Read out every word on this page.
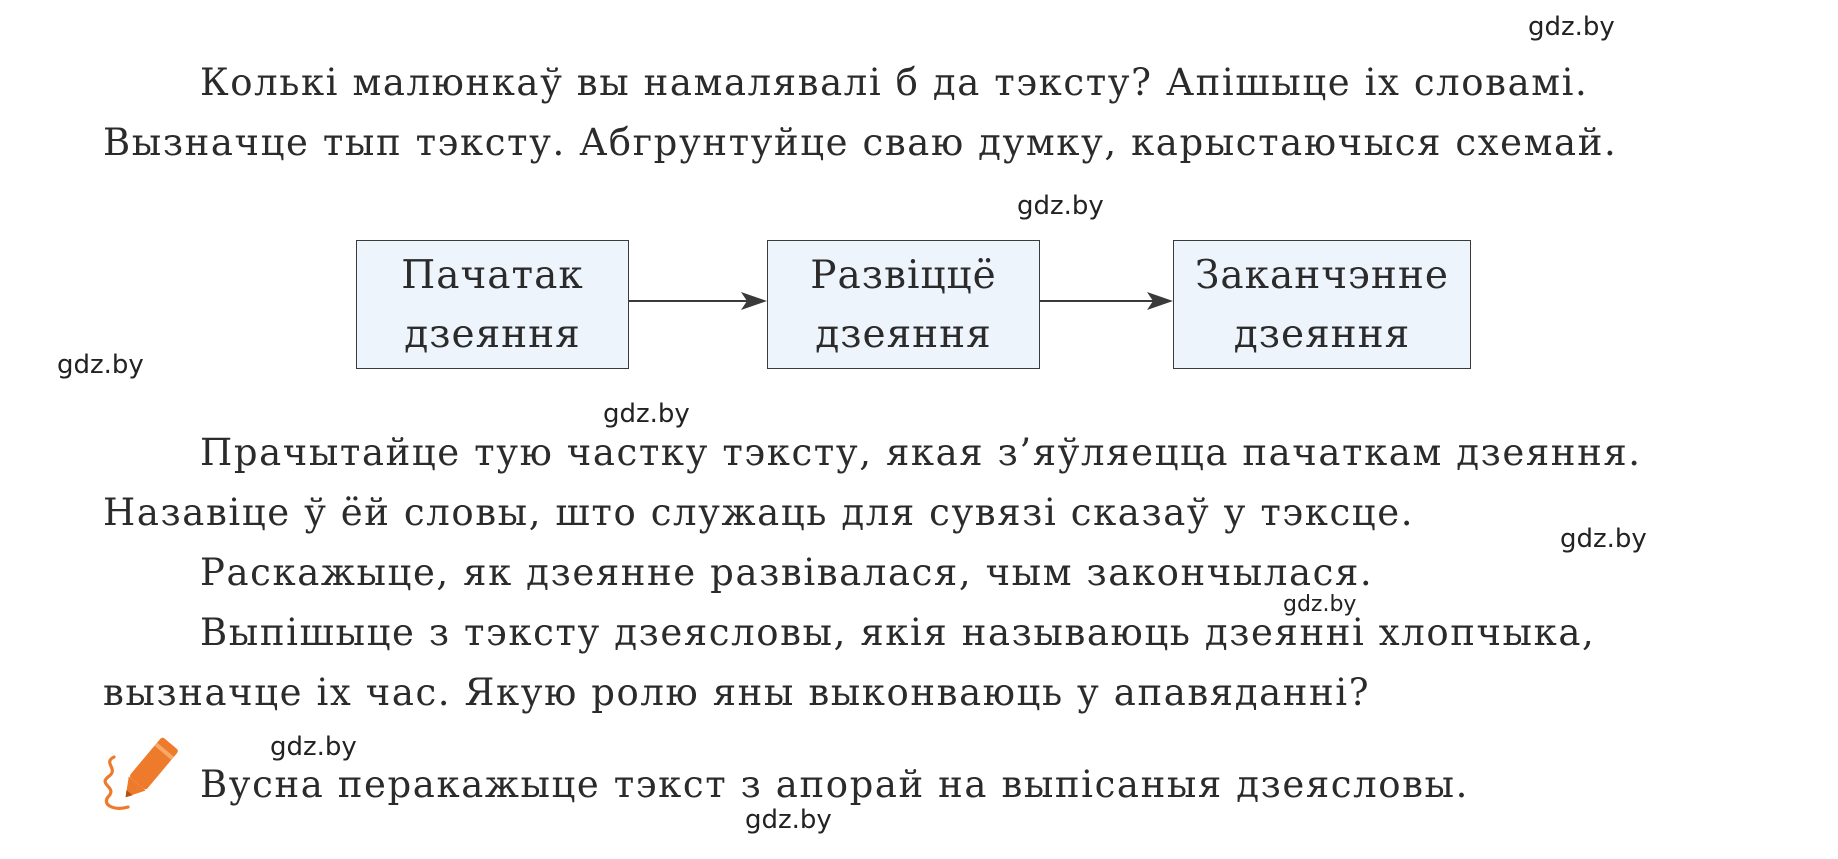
gdz.by
gdz.by
gdz.by
gdz.by
gdz.by
gdz.by
gdz.by
gdz.by
Колькі малюнкаў вы намалявалі б да тэксту? Апішыце іх словамі.
Вызначце тып тэксту. Абгрунтуйце сваю думку, карыстаючыся схемай.
Пачатак
дзеяння
Развіццё
дзеяння
Заканчэнне
дзеяння
Прачытайце тую частку тэксту, якая з’яўляецца пачаткам дзеяння.
Назавіце ў ёй словы, што служаць для сувязі сказаў у тэксце.
Раскажыце, як дзеянне развівалася, чым закончылася.
Выпішыце з тэксту дзеясловы, якія называюць дзеянні хлопчыка,
вызначце іх час. Якую ролю яны выконваюць у апавяданні?
Вусна перакажыце тэкст з апорай на выпісаныя дзеясловы.
